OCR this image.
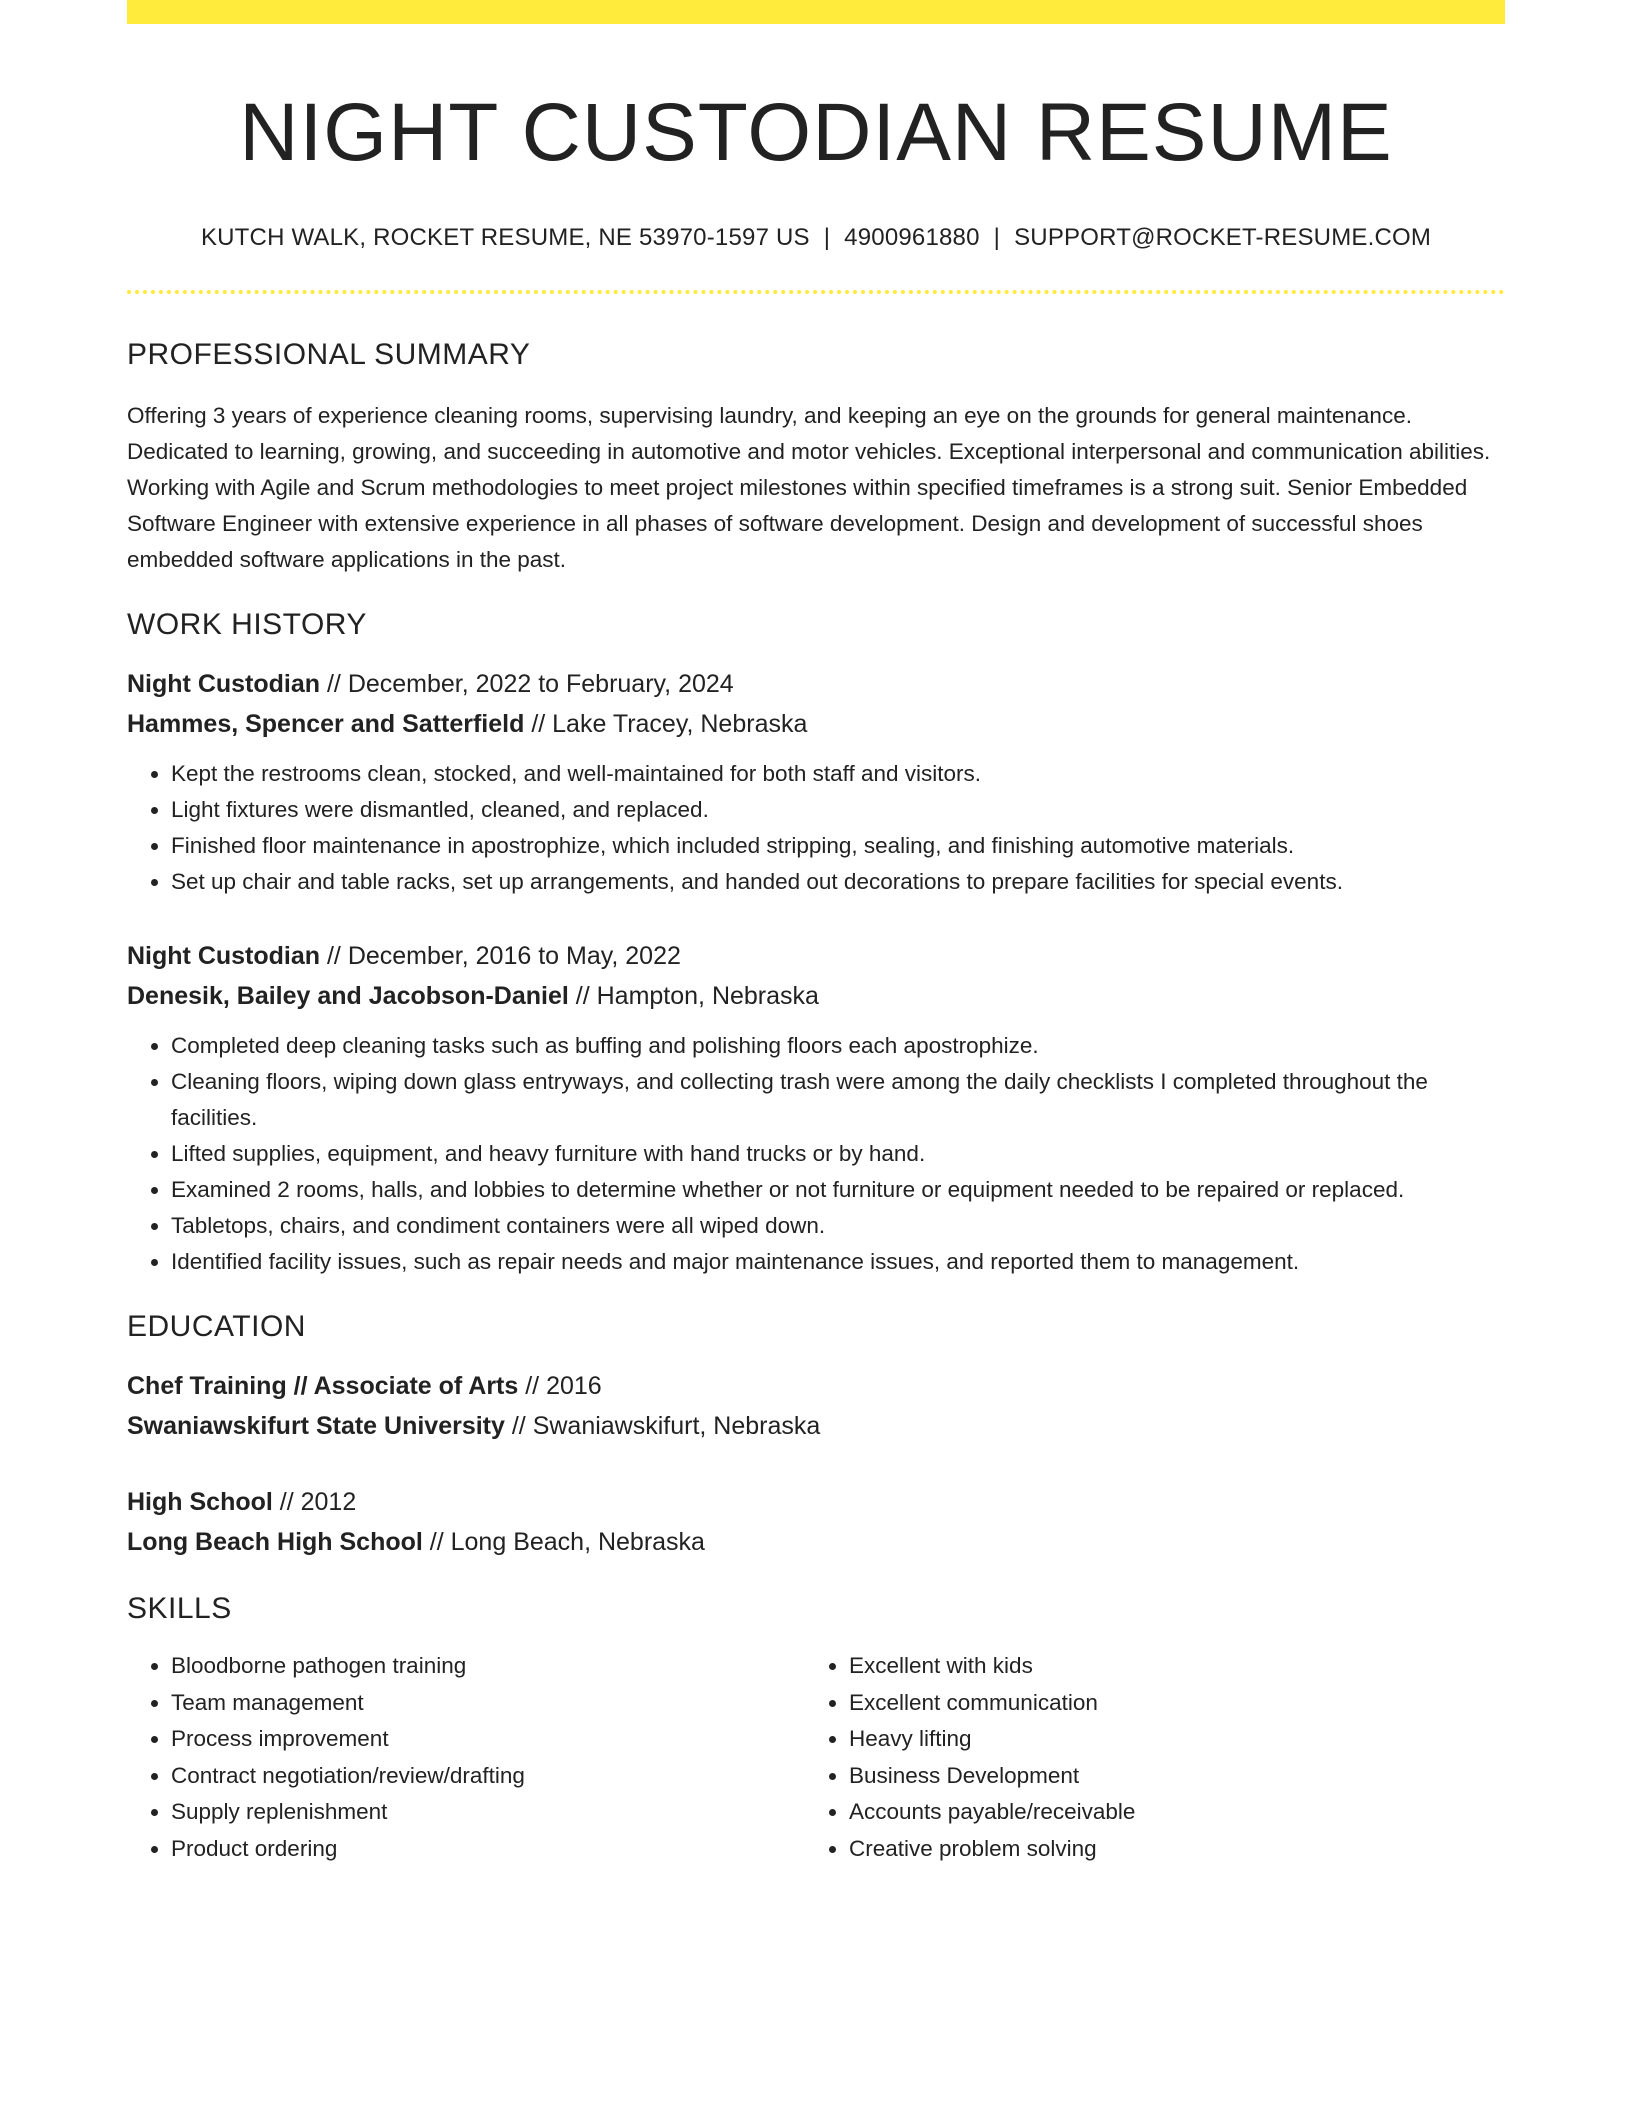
NIGHT CUSTODIAN RESUME
KUTCH WALK, ROCKET RESUME, NE 53970-1597 US | 4900961880 | SUPPORT@ROCKET-RESUME.COM
PROFESSIONAL SUMMARY

Offering 3 years of experience cleaning rooms, supervising laundry, and keeping an eye on the grounds for general maintenance. Dedicated to learning, growing, and succeeding in automotive and motor vehicles. Exceptional interpersonal and communication abilities. Working with Agile and Scrum methodologies to meet project milestones within specified timeframes is a strong suit. Senior Embedded Software Engineer with extensive experience in all phases of software development. Design and development of successful shoes embedded software applications in the past.

WORK HISTORY
Night Custodian // December, 2022 to February, 2024
Hammes, Spencer and Satterfield // Lake Tracey, Nebraska
• Kept the restrooms clean, stocked, and well-maintained for both staff and visitors.
• Light fixtures were dismantled, cleaned, and replaced.
• Finished floor maintenance in apostrophize, which included stripping, sealing, and finishing automotive materials.
• Set up chair and table racks, set up arrangements, and handed out decorations to prepare facilities for special events.
Night Custodian // December, 2016 to May, 2022
Denesik, Bailey and Jacobson-Daniel // Hampton, Nebraska
• Completed deep cleaning tasks such as buffing and polishing floors each apostrophize.
• Cleaning floors, wiping down glass entryways, and collecting trash were among the daily checklists I completed throughout the facilities.
• Lifted supplies, equipment, and heavy furniture with hand trucks or by hand.
• Examined 2 rooms, halls, and lobbies to determine whether or not furniture or equipment needed to be repaired or replaced.
• Tabletops, chairs, and condiment containers were all wiped down.
• Identified facility issues, such as repair needs and major maintenance issues, and reported them to management.
EDUCATION
Chef Training // Associate of Arts // 2016
Swaniawskifurt State University // Swaniawskifurt, Nebraska
High School // 2012
Long Beach High School // Long Beach, Nebraska
SKILLS
• Bloodborne pathogen training
• Team management
• Process improvement
• Contract negotiation/review/drafting
• Supply replenishment
• Product ordering
• Excellent with kids
• Excellent communication
• Heavy lifting
• Business Development
• Accounts payable/receivable
• Creative problem solving
